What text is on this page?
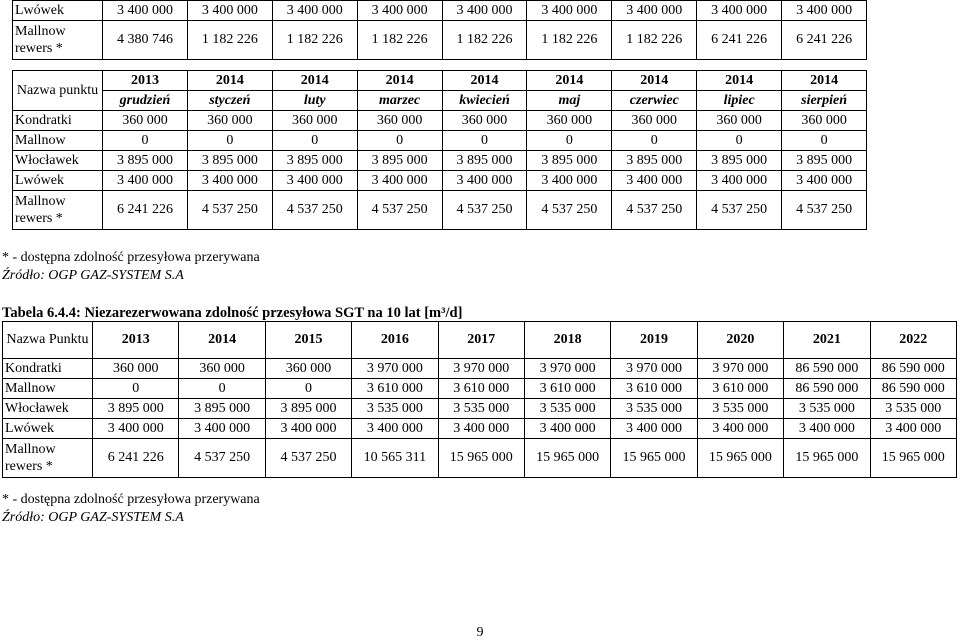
Lwówek	3 400 000	3 400 000	3 400 000	3 400 000	3 400 000	3 400 000	3 400 000	3 400 000	3 400 000
Mallnow rewers *	4 380 746	1 182 226	1 182 226	1 182 226	1 182 226	1 182 226	1 182 226	6 241 226	6 241 226
Nazwa punktu	2013	2014	2014	2014	2014	2014	2014	2014	2014
	grudzień	styczeń	luty	marzec	kwiecień	maj	czerwiec	lipiec	sierpień
Kondratki	360 000	360 000	360 000	360 000	360 000	360 000	360 000	360 000	360 000
Mallnow	0	0	0	0	0	0	0	0	0
Włocławek	3 895 000	3 895 000	3 895 000	3 895 000	3 895 000	3 895 000	3 895 000	3 895 000	3 895 000
Lwówek	3 400 000	3 400 000	3 400 000	3 400 000	3 400 000	3 400 000	3 400 000	3 400 000	3 400 000
Mallnow rewers *	6 241 226	4 537 250	4 537 250	4 537 250	4 537 250	4 537 250	4 537 250	4 537 250	4 537 250
* - dostępna zdolność przesyłowa przerywana
Źródło: OGP GAZ-SYSTEM S.A
Tabela 6.4.4: Niezarezerwowana zdolność przesyłowa SGT na 10 lat [m³/d]
Nazwa Punktu	2013	2014	2015	2016	2017	2018	2019	2020	2021	2022
Kondratki	360 000	360 000	360 000	3 970 000	3 970 000	3 970 000	3 970 000	3 970 000	86 590 000	86 590 000
Mallnow	0	0	0	3 610 000	3 610 000	3 610 000	3 610 000	3 610 000	86 590 000	86 590 000
Włocławek	3 895 000	3 895 000	3 895 000	3 535 000	3 535 000	3 535 000	3 535 000	3 535 000	3 535 000	3 535 000
Lwówek	3 400 000	3 400 000	3 400 000	3 400 000	3 400 000	3 400 000	3 400 000	3 400 000	3 400 000	3 400 000
Mallnow rewers *	6 241 226	4 537 250	4 537 250	10 565 311	15 965 000	15 965 000	15 965 000	15 965 000	15 965 000	15 965 000
* - dostępna zdolność przesyłowa przerywana
Źródło: OGP GAZ-SYSTEM S.A
9
